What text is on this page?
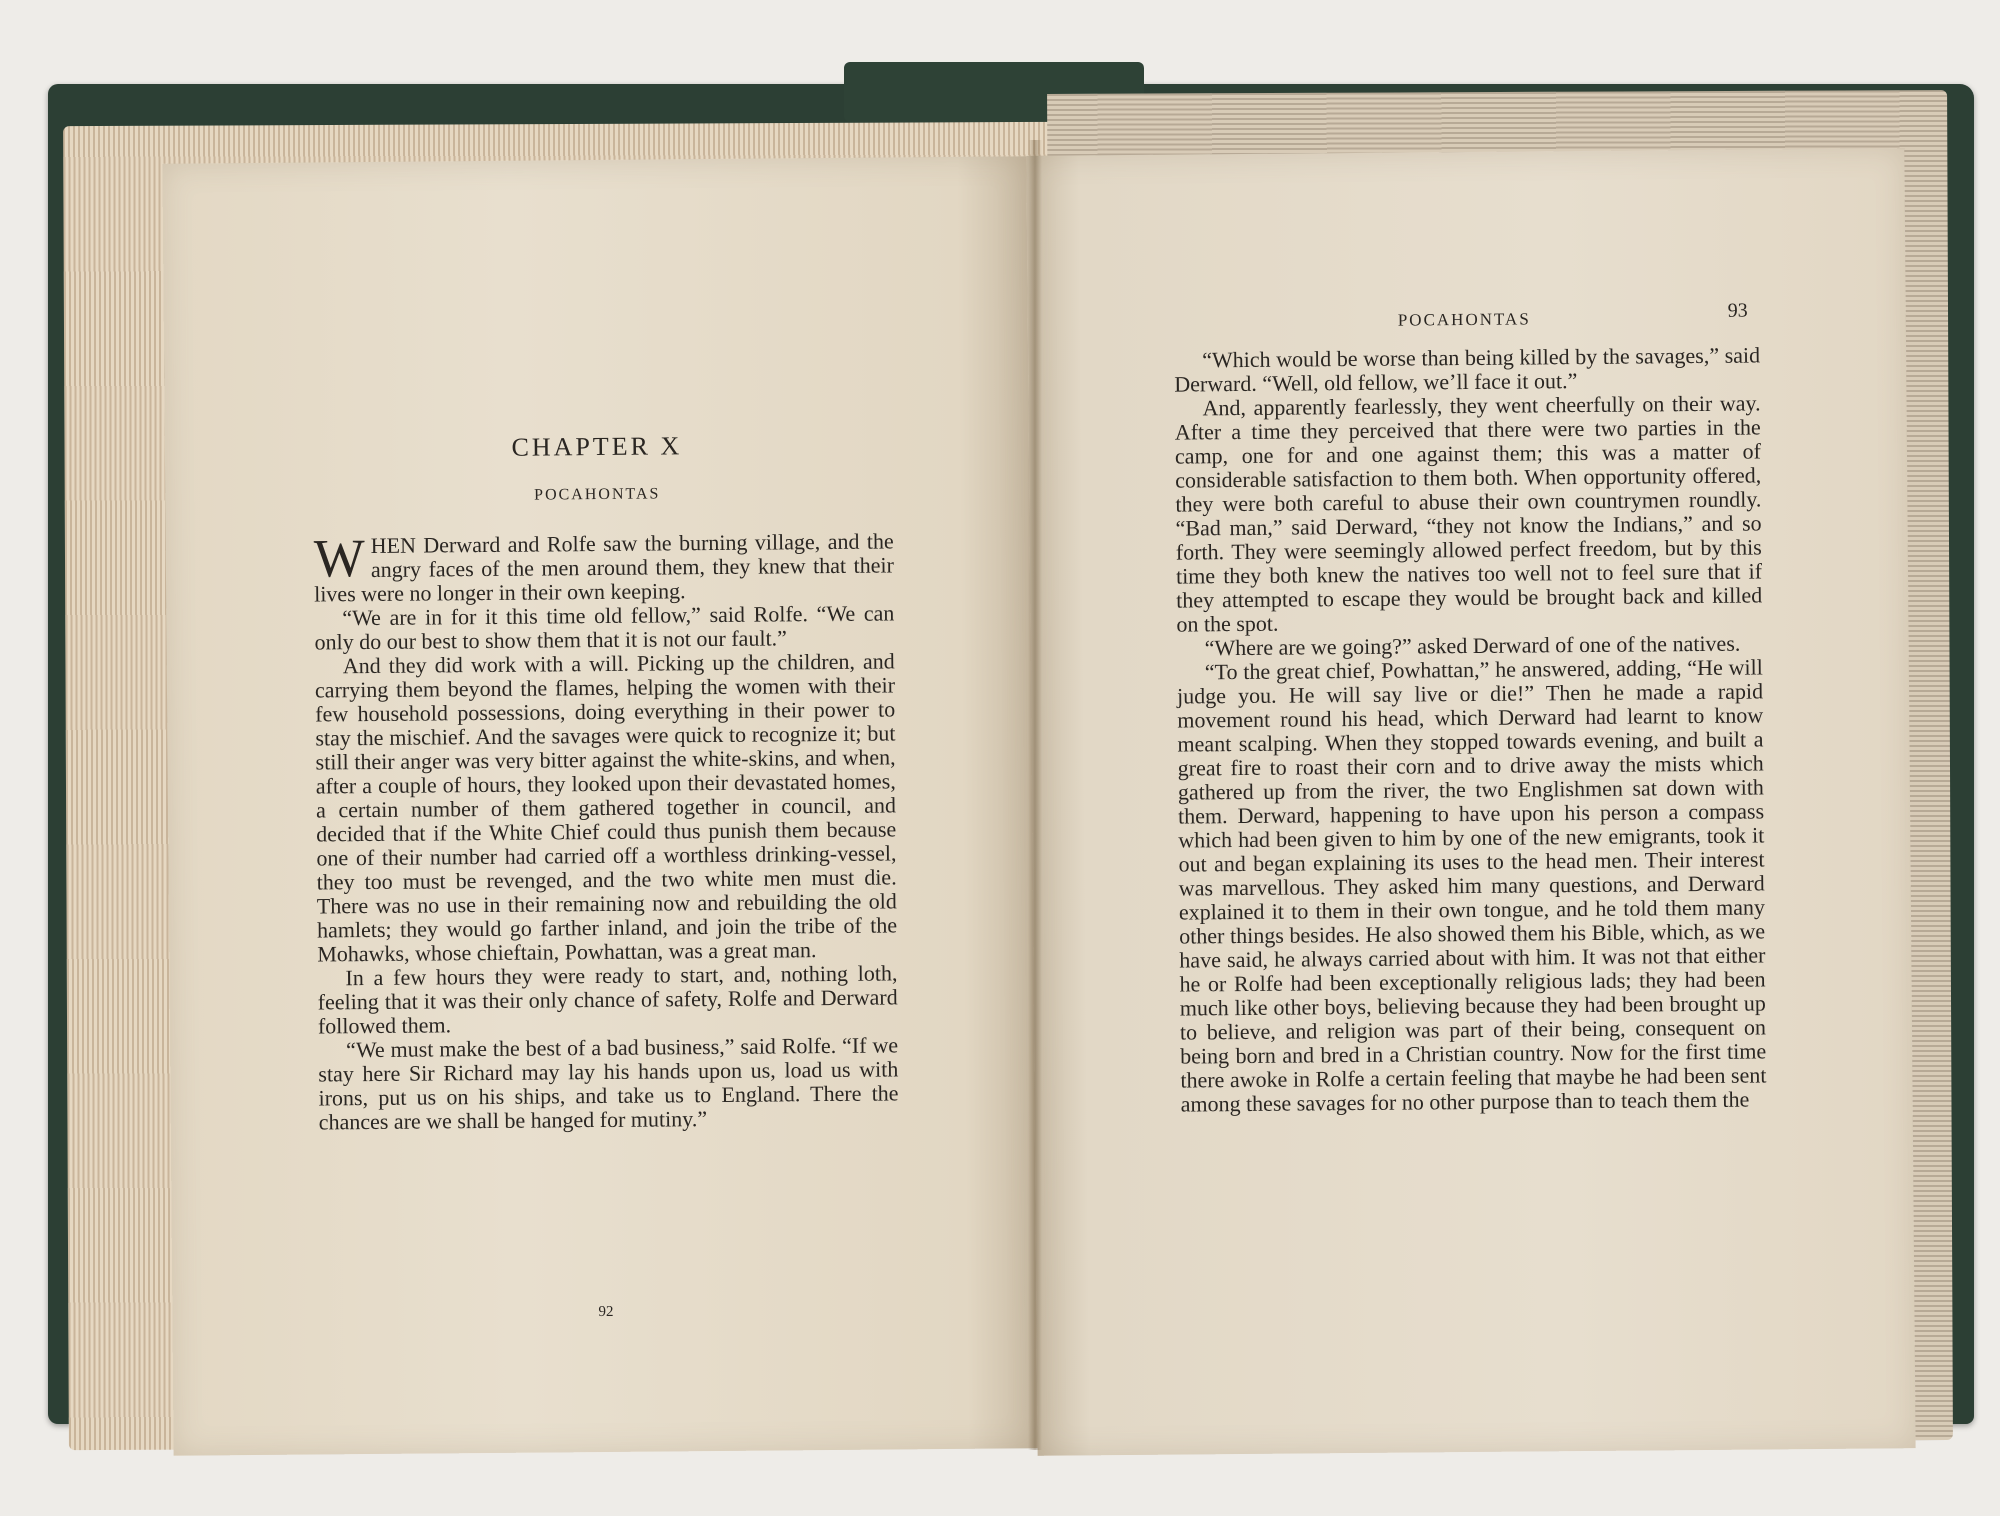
CHAPTER X
POCAHONTAS

WHEN Derward and Rolfe saw the burning village, and the angry faces of the men around them, they knew that their lives were no longer in their own keeping.

“We are in for it this time old fellow,” said Rolfe. “We can only do our best to show them that it is not our fault.”

And they did work with a will. Picking up the children, and carrying them beyond the flames, helping the women with their few household possessions, doing everything in their power to stay the mischief. And the savages were quick to recognize it; but still their anger was very bitter against the white-skins, and when, after a couple of hours, they looked upon their devastated homes, a certain number of them gathered together in council, and decided that if the White Chief could thus punish them because one of their number had carried off a worthless drinking-vessel, they too must be revenged, and the two white men must die. There was no use in their remaining now and rebuilding the old hamlets; they would go farther inland, and join the tribe of the Mohawks, whose chieftain, Powhattan, was a great man.

In a few hours they were ready to start, and, nothing loth, feeling that it was their only chance of safety, Rolfe and Derward followed them.

“We must make the best of a bad business,” said Rolfe. “If we stay here Sir Richard may lay his hands upon us, load us with irons, put us on his ships, and take us to England. There the chances are we shall be hanged for mutiny.”

92
POCAHONTAS	93

“Which would be worse than being killed by the savages,” said Derward. “Well, old fellow, we’ll face it out.”

And, apparently fearlessly, they went cheerfully on their way. After a time they perceived that there were two parties in the camp, one for and one against them; this was a matter of considerable satisfaction to them both. When opportunity offered, they were both careful to abuse their own countrymen roundly. “Bad man,” said Derward, “they not know the Indians,” and so forth. They were seemingly allowed perfect freedom, but by this time they both knew the natives too well not to feel sure that if they attempted to escape they would be brought back and killed on the spot.

“Where are we going?” asked Derward of one of the natives.

“To the great chief, Powhattan,” he answered, adding, “He will judge you. He will say live or die!” Then he made a rapid movement round his head, which Derward had learnt to know meant scalping. When they stopped towards evening, and built a great fire to roast their corn and to drive away the mists which gathered up from the river, the two Englishmen sat down with them. Derward, happening to have upon his person a compass which had been given to him by one of the new emigrants, took it out and began explaining its uses to the head men. Their interest was marvellous. They asked him many questions, and Derward explained it to them in their own tongue, and he told them many other things besides. He also showed them his Bible, which, as we have said, he always carried about with him. It was not that either he or Rolfe had been exceptionally religious lads; they had been much like other boys, believing because they had been brought up to believe, and religion was part of their being, consequent on being born and bred in a Christian country. Now for the first time there awoke in Rolfe a certain feeling that maybe he had been sent among these savages for no other purpose than to teach them the
